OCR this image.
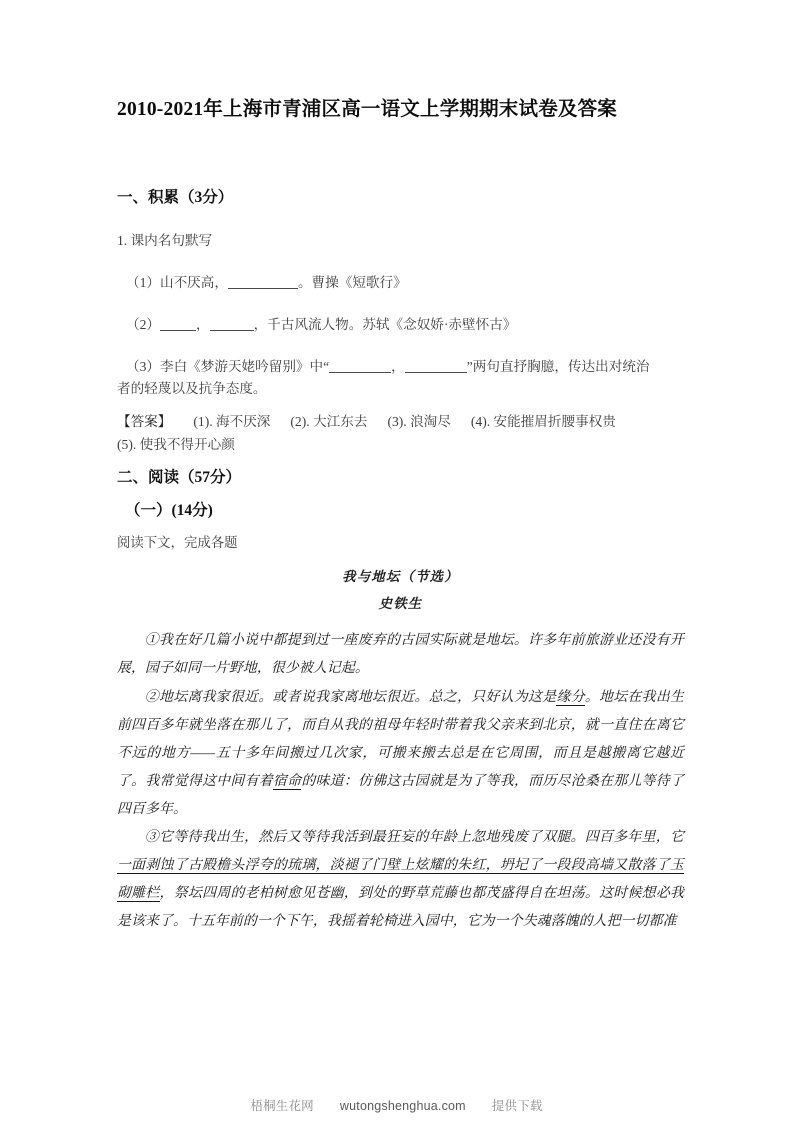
2010-2021年上海市青浦区高一语文上学期期末试卷及答案
一、积累（3分）

1. 课内名句默写

（1）山不厌高，	。曹操《短歌行》

（2）	，	，千古风流人物。苏轼《念奴娇·赤壁怀古》

（3）李白《梦游天姥吟留别》中“	，	”两句直抒胸臆，传达出对统治

者的轻蔑以及抗争态度。

【答案】 (1). 海不厌深 (2). 大江东去 (3). 浪淘尽 (4). 安能摧眉折腰事权贵

(5). 使我不得开心颜

二、阅读（57分）
（一）(14分)

阅读下文，完成各题

我与地坛（节选）

史铁生

①我在好几篇小说中都提到过一座废弃的古园实际就是地坛。许多年前旅游业还没有开展，园子如同一片野地，很少被人记起。

②地坛离我家很近。或者说我家离地坛很近。总之，只好认为这是缘分。地坛在我出生前四百多年就坐落在那儿了，而自从我的祖母年轻时带着我父亲来到北京，就一直住在离它不远的地方——五十多年间搬过几次家，可搬来搬去总是在它周围，而且是越搬离它越近了。我常觉得这中间有着宿命的味道：仿佛这古园就是为了等我，而历尽沧桑在那儿等待了四百多年。

③它等待我出生，然后又等待我活到最狂妄的年龄上忽地残废了双腿。四百多年里，它一面剥蚀了古殿檐头浮夸的琉璃，淡褪了门壁上炫耀的朱红，坍圮了一段段高墙又散落了玉砌雕栏，祭坛四周的老柏树愈见苍幽，到处的野草荒藤也都茂盛得自在坦荡。这时候想必我是该来了。十五年前的一个下午，我摇着轮椅进入园中，它为一个失魂落魄的人把一切都准

梧桐生花网 wutongshenghua.com 提供下载
